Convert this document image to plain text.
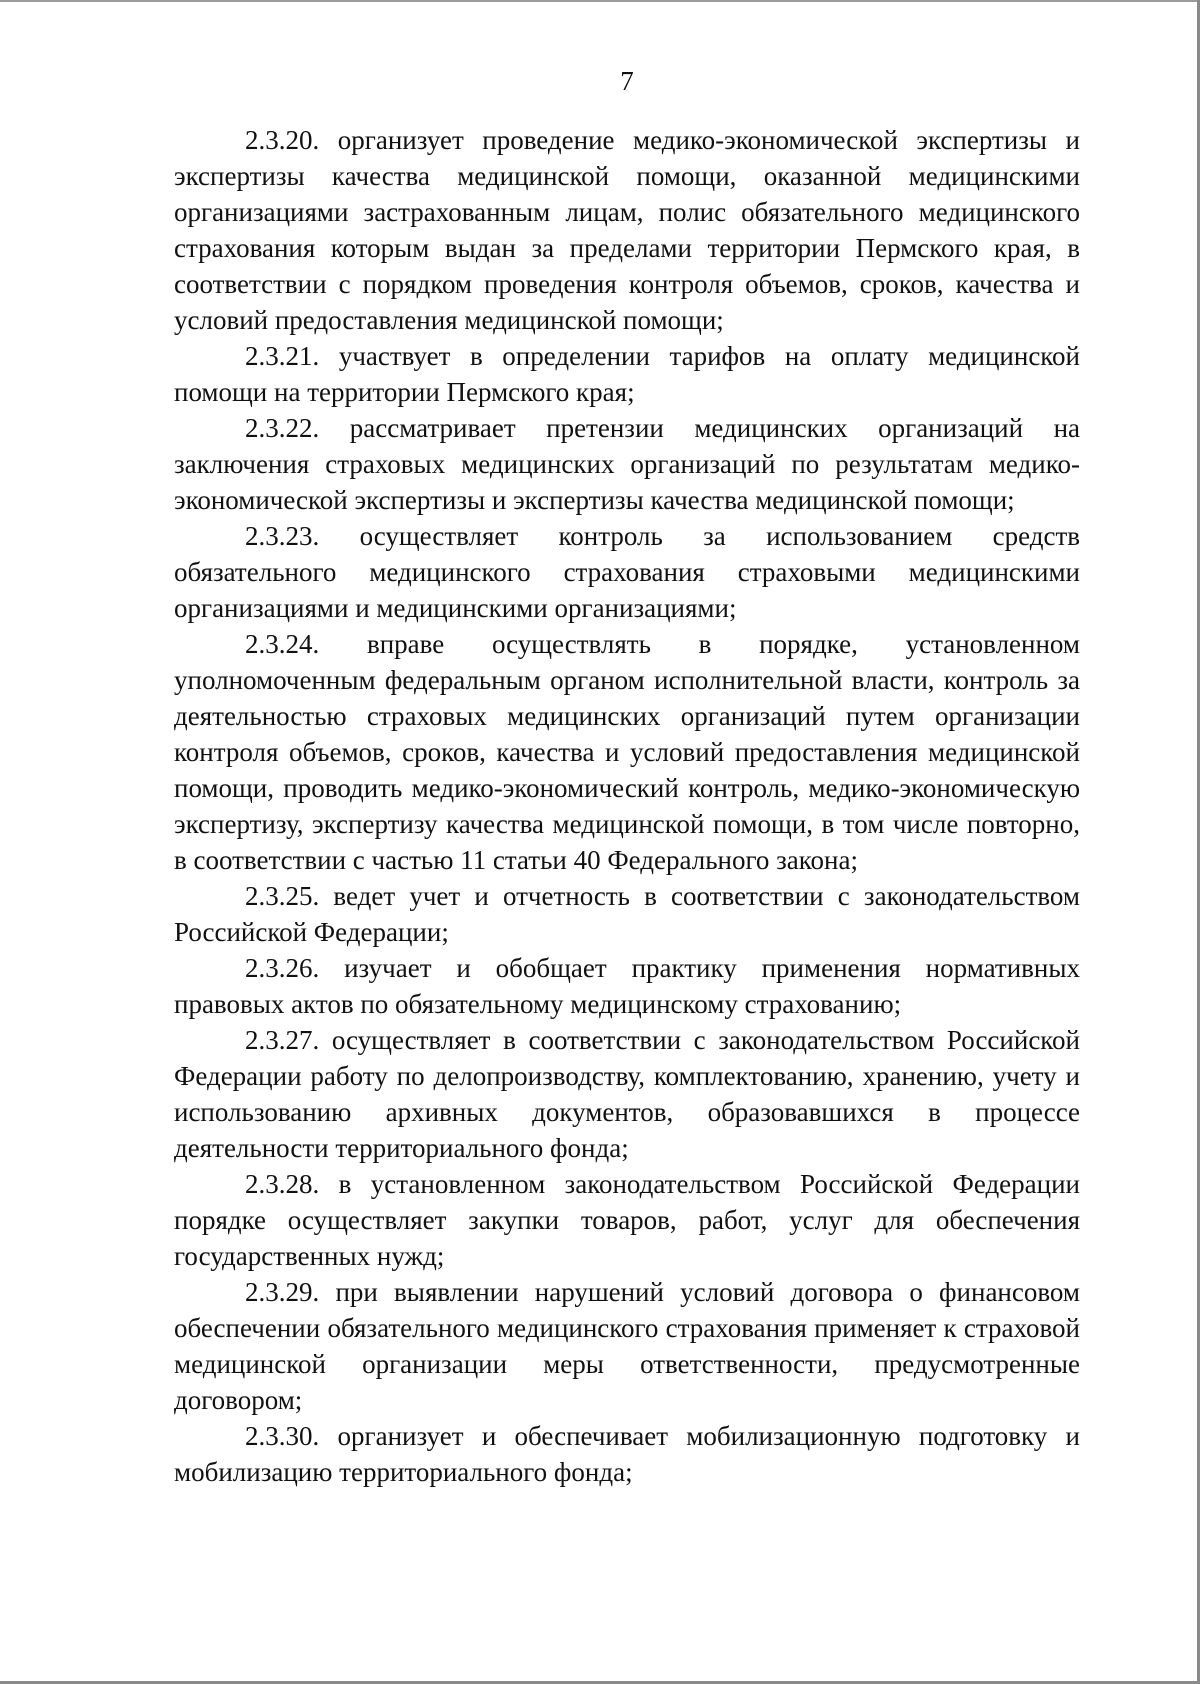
7

2.3.20. организует проведение медико-экономической экспертизы и экспертизы качества медицинской помощи, оказанной медицинскими организациями застрахованным лицам, полис обязательного медицинского страхования которым выдан за пределами территории Пермского края, в соответствии с порядком проведения контроля объемов, сроков, качества и условий предоставления медицинской помощи;

2.3.21. участвует в определении тарифов на оплату медицинской помощи на территории Пермского края;

2.3.22. рассматривает претензии медицинских организаций на заключения страховых медицинских организаций по результатам медико-экономической экспертизы и экспертизы качества медицинской помощи;

2.3.23. осуществляет контроль за использованием средств обязательного медицинского страхования страховыми медицинскими организациями и медицинскими организациями;

2.3.24. вправе осуществлять в порядке, установленном уполномоченным федеральным органом исполнительной власти, контроль за деятельностью страховых медицинских организаций путем организации контроля объемов, сроков, качества и условий предоставления медицинской помощи, проводить медико-экономический контроль, медико-экономическую экспертизу, экспертизу качества медицинской помощи, в том числе повторно, в соответствии с частью 11 статьи 40 Федерального закона;

2.3.25. ведет учет и отчетность в соответствии с законодательством Российской Федерации;

2.3.26. изучает и обобщает практику применения нормативных правовых актов по обязательному медицинскому страхованию;

2.3.27. осуществляет в соответствии с законодательством Российской Федерации работу по делопроизводству, комплектованию, хранению, учету и использованию архивных документов, образовавшихся в процессе деятельности территориального фонда;

2.3.28. в установленном законодательством Российской Федерации порядке осуществляет закупки товаров, работ, услуг для обеспечения государственных нужд;

2.3.29. при выявлении нарушений условий договора о финансовом обеспечении обязательного медицинского страхования применяет к страховой медицинской организации меры ответственности, предусмотренные договором;

2.3.30. организует и обеспечивает мобилизационную подготовку и мобилизацию территориального фонда;
